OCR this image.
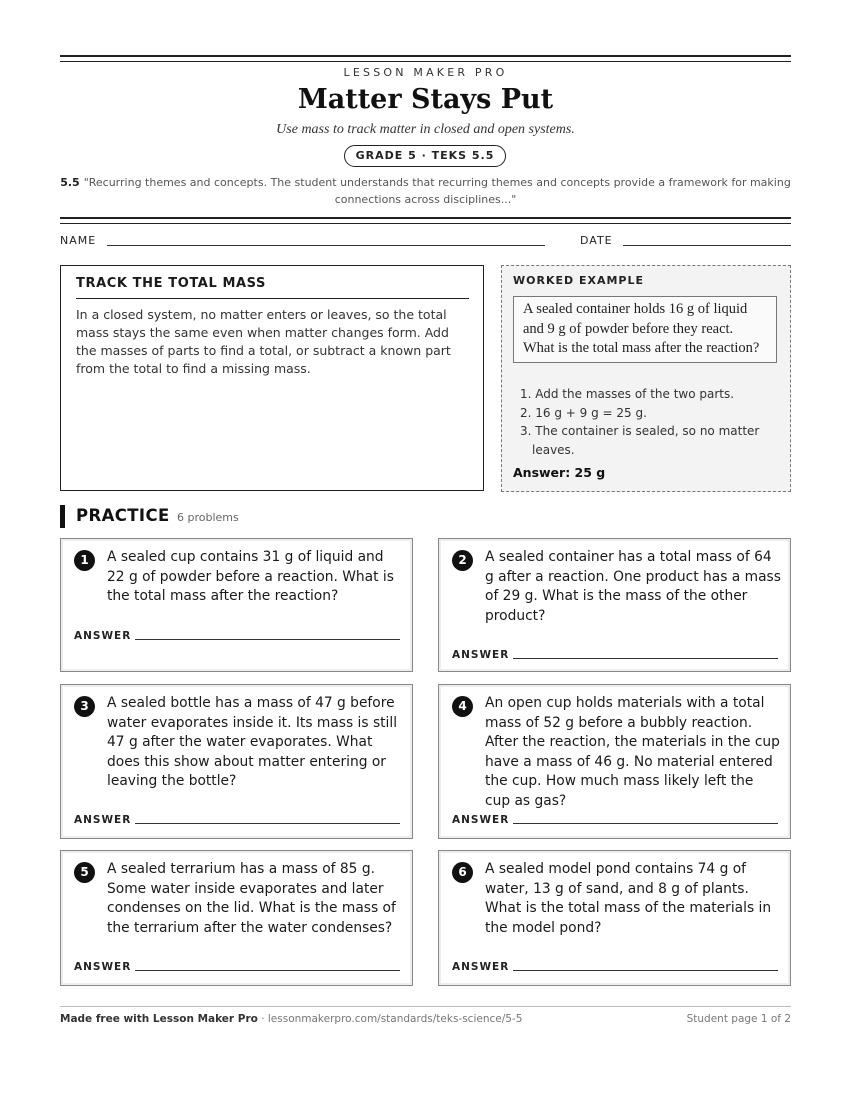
LESSON MAKER PRO
Matter Stays Put
Use mass to track matter in closed and open systems.
GRADE 5 · TEKS 5.5
5.5 "Recurring themes and concepts. The student understands that recurring themes and concepts provide a framework for making connections across disciplines..."
NAME	DATE
TRACK THE TOTAL MASS
In a closed system, no matter enters or leaves, so the total mass stays the same even when matter changes form. Add the masses of parts to find a total, or subtract a known part from the total to find a missing mass.
WORKED EXAMPLE
A sealed container holds 16 g of liquid and 9 g of powder before they react. What is the total mass after the reaction?
1. Add the masses of the two parts.
2. 16 g + 9 g = 25 g.
3. The container is sealed, so no matter leaves.
Answer: 25 g
PRACTICE 6 problems
1	A sealed cup contains 31 g of liquid and 22 g of powder before a reaction. What is the total mass after the reaction?
ANSWER
2	A sealed container has a total mass of 64 g after a reaction. One product has a mass of 29 g. What is the mass of the other product?
ANSWER
3	A sealed bottle has a mass of 47 g before water evaporates inside it. Its mass is still 47 g after the water evaporates. What does this show about matter entering or leaving the bottle?
ANSWER
4	An open cup holds materials with a total mass of 52 g before a bubbly reaction. After the reaction, the materials in the cup have a mass of 46 g. No material entered the cup. How much mass likely left the cup as gas?
ANSWER
5	A sealed terrarium has a mass of 85 g. Some water inside evaporates and later condenses on the lid. What is the mass of the terrarium after the water condenses?
ANSWER
6	A sealed model pond contains 74 g of water, 13 g of sand, and 8 g of plants. What is the total mass of the materials in the model pond?
ANSWER
Made free with Lesson Maker Pro · lessonmakerpro.com/standards/teks-science/5-5	Student page 1 of 2
